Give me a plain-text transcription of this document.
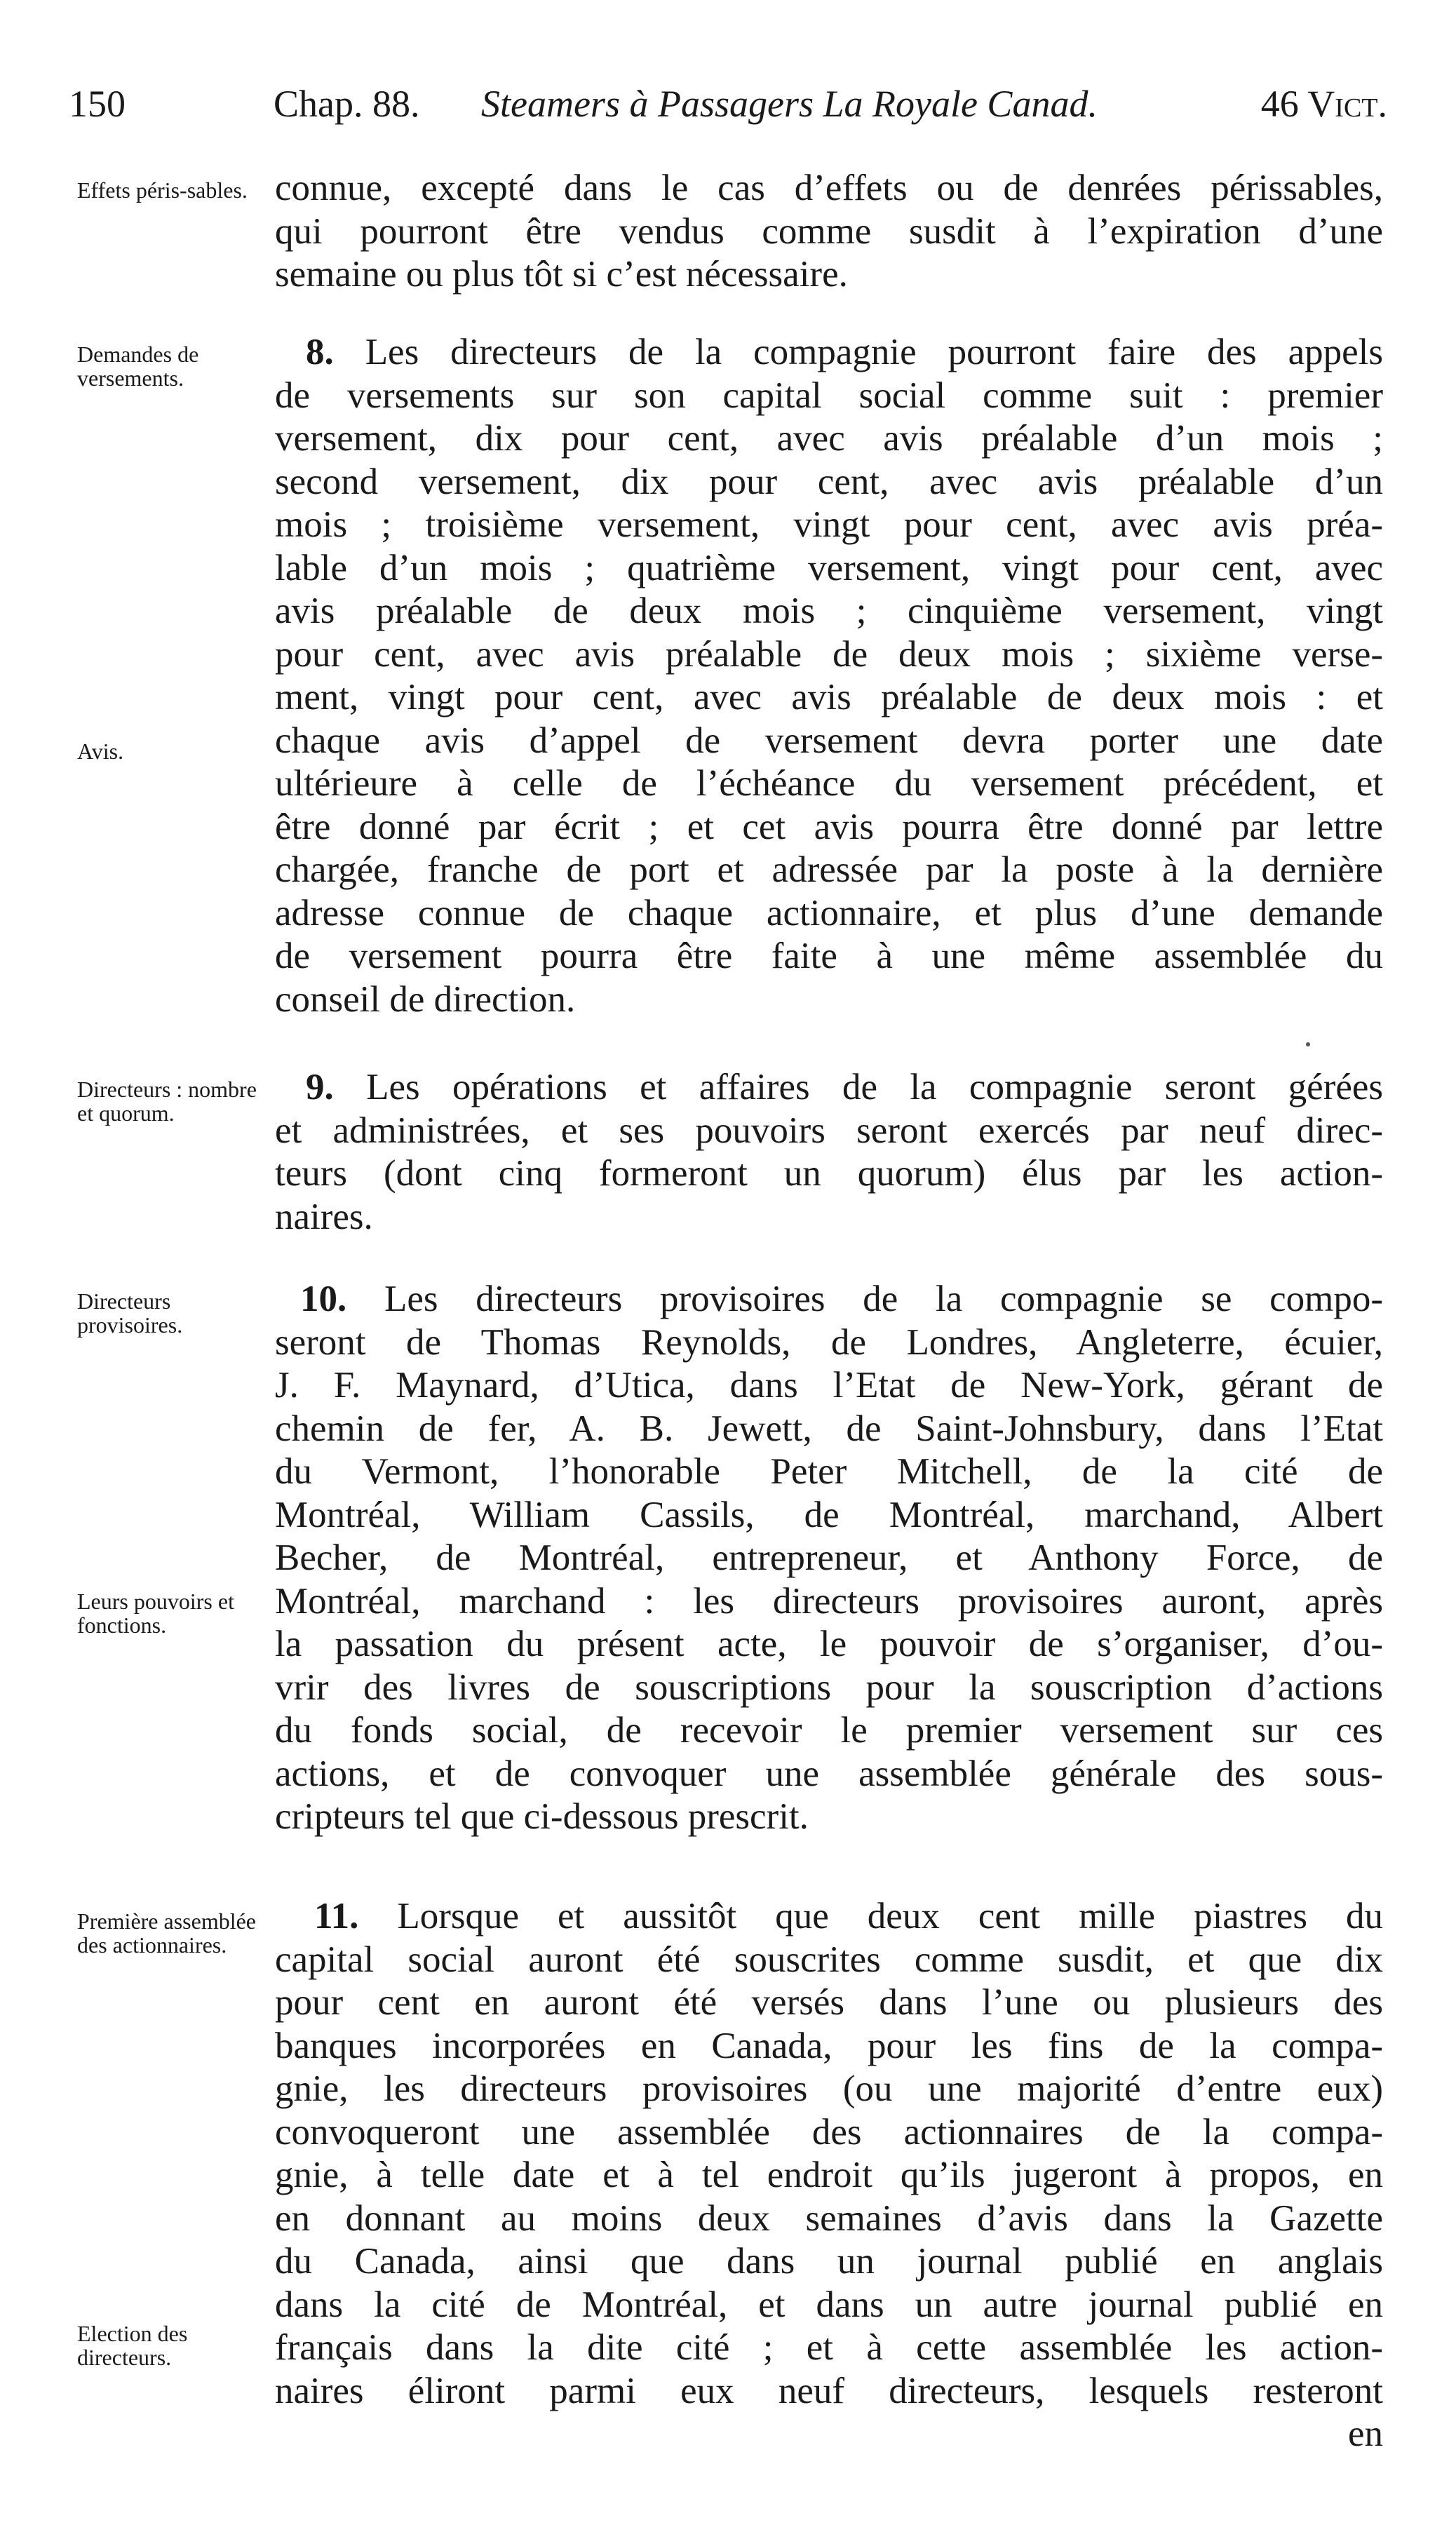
150	Chap. 88. Steamers à Passagers La Royale Canad.	46 Vict.
Effets péris-sables.
Demandes de versements.
Avis.
Directeurs : nombre et quorum.
Directeurs provisoires.
Leurs pouvoirs et fonctions.
Première assemblée des actionnaires.
Election des directeurs.
connue, excepté dans le cas d’effets ou de denrées périssables,
qui pourront être vendus comme susdit à l’expiration d’une
semaine ou plus tôt si c’est nécessaire.
8. Les directeurs de la compagnie pourront faire des appels
de versements sur son capital social comme suit : premier
versement, dix pour cent, avec avis préalable d’un mois ;
second versement, dix pour cent, avec avis préalable d’un
mois ; troisième versement, vingt pour cent, avec avis préa-
lable d’un mois ; quatrième versement, vingt pour cent, avec
avis préalable de deux mois ; cinquième versement, vingt
pour cent, avec avis préalable de deux mois ; sixième verse-
ment, vingt pour cent, avec avis préalable de deux mois : et
chaque avis d’appel de versement devra porter une date
ultérieure à celle de l’échéance du versement précédent, et
être donné par écrit ; et cet avis pourra être donné par lettre
chargée, franche de port et adressée par la poste à la dernière
adresse connue de chaque actionnaire, et plus d’une demande
de versement pourra être faite à une même assemblée du
conseil de direction.
9. Les opérations et affaires de la compagnie seront gérées
et administrées, et ses pouvoirs seront exercés par neuf direc-
teurs (dont cinq formeront un quorum) élus par les action-
naires.
10. Les directeurs provisoires de la compagnie se compo-
seront de Thomas Reynolds, de Londres, Angleterre, écuier,
J. F. Maynard, d’Utica, dans l’Etat de New-York, gérant de
chemin de fer, A. B. Jewett, de Saint-Johnsbury, dans l’Etat
du Vermont, l’honorable Peter Mitchell, de la cité de
Montréal, William Cassils, de Montréal, marchand, Albert
Becher, de Montréal, entrepreneur, et Anthony Force, de
Montréal, marchand : les directeurs provisoires auront, après
la passation du présent acte, le pouvoir de s’organiser, d’ou-
vrir des livres de souscriptions pour la souscription d’actions
du fonds social, de recevoir le premier versement sur ces
actions, et de convoquer une assemblée générale des sous-
cripteurs tel que ci-dessous prescrit.
11. Lorsque et aussitôt que deux cent mille piastres du
capital social auront été souscrites comme susdit, et que dix
pour cent en auront été versés dans l’une ou plusieurs des
banques incorporées en Canada, pour les fins de la compa-
gnie, les directeurs provisoires (ou une majorité d’entre eux)
convoqueront une assemblée des actionnaires de la compa-
gnie, à telle date et à tel endroit qu’ils jugeront à propos, en
en donnant au moins deux semaines d’avis dans la Gazette
du Canada, ainsi que dans un journal publié en anglais
dans la cité de Montréal, et dans un autre journal publié en
français dans la dite cité ; et à cette assemblée les action-
naires éliront parmi eux neuf directeurs, lesquels resteront
en
